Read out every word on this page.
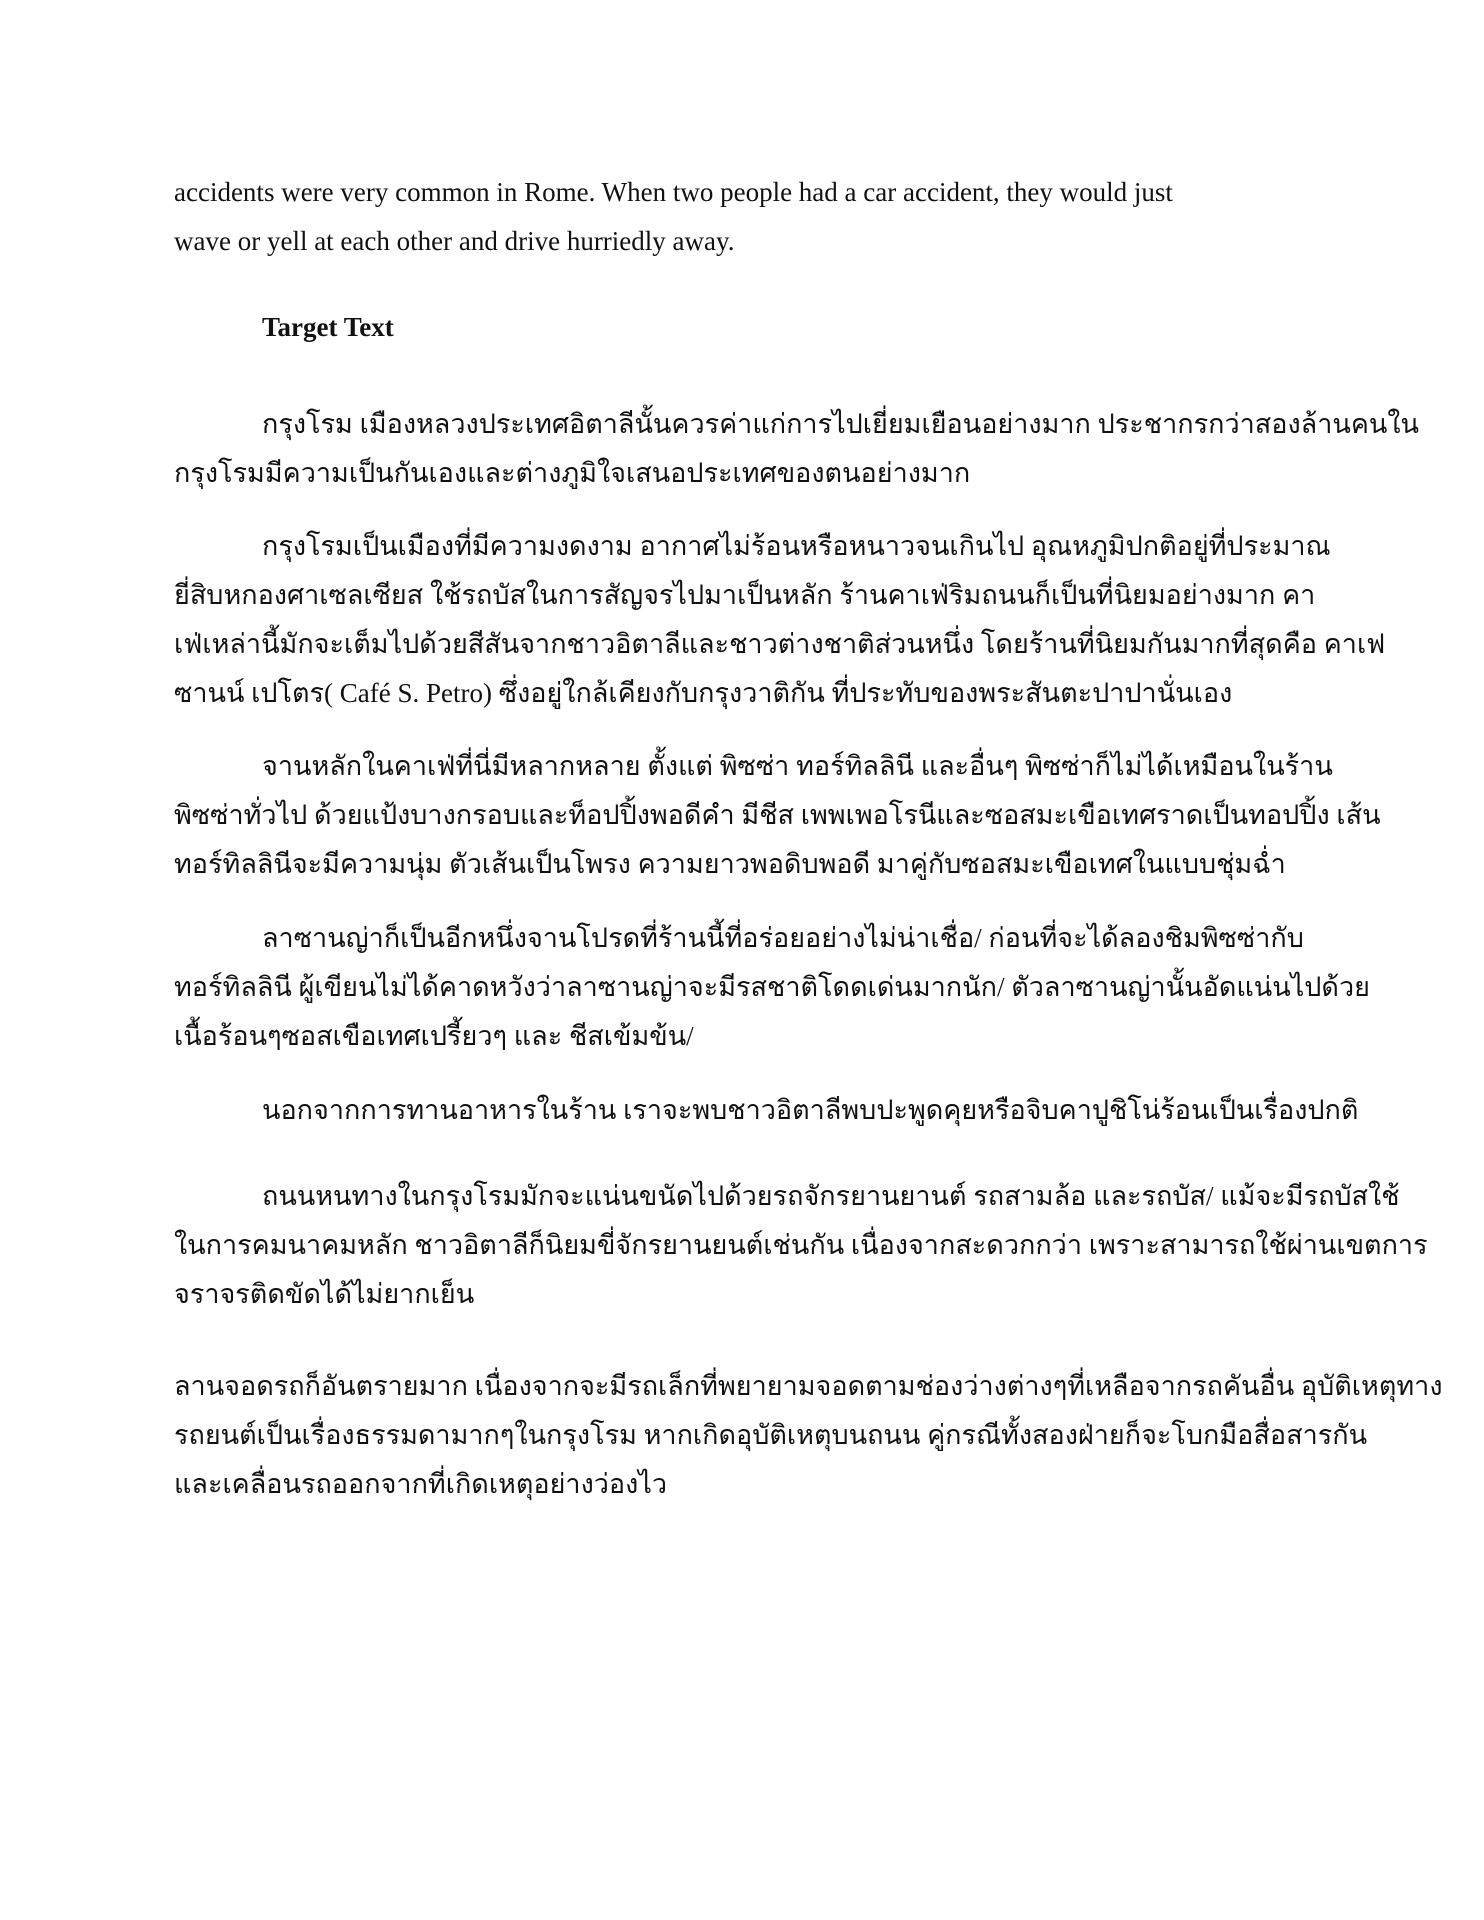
accidents were very common in Rome. When two people had a car accident, they would just
wave or yell at each other and drive hurriedly away.

Target Text

กรุงโรม เมืองหลวงประเทศอิตาลีนั้นควรค่าแก่การไปเยี่ยมเยือนอย่างมาก ประชากรกว่าสองล้านคนใน
กรุงโรมมีความเป็นกันเองและต่างภูมิใจเสนอประเทศของตนอย่างมาก

กรุงโรมเป็นเมืองที่มีความงดงาม อากาศไม่ร้อนหรือหนาวจนเกินไป อุณหภูมิปกติอยู่ที่ประมาณ
ยี่สิบหกองศาเซลเซียส ใช้รถบัสในการสัญจรไปมาเป็นหลัก ร้านคาเฟ่ริมถนนก็เป็นที่นิยมอย่างมาก คา
เฟ่เหล่านี้มักจะเต็มไปด้วยสีสันจากชาวอิตาลีและชาวต่างชาติส่วนหนึ่ง โดยร้านที่นิยมกันมากที่สุดคือ คาเฟ
ซานน์ เปโตร( Café S. Petro) ซึ่งอยู่ใกล้เคียงกับกรุงวาติกัน ที่ประทับของพระสันตะปาปานั่นเอง

จานหลักในคาเฟ่ที่นี่มีหลากหลาย ตั้งแต่ พิซซ่า ทอร์ทิลลินี และอื่นๆ พิซซ่าก็ไม่ได้เหมือนในร้าน
พิซซ่าทั่วไป ด้วยแป้งบางกรอบและท็อปปิ้งพอดีคำ มีชีส เพพเพอโรนีและซอสมะเขือเทศราดเป็นทอปปิ้ง เส้น
ทอร์ทิลลินีจะมีความนุ่ม ตัวเส้นเป็นโพรง ความยาวพอดิบพอดี มาคู่กับซอสมะเขือเทศในแบบชุ่มฉ่ำ

ลาซานญ่าก็เป็นอีกหนึ่งจานโปรดที่ร้านนี้ที่อร่อยอย่างไม่น่าเชื่อ/ ก่อนที่จะได้ลองชิมพิซซ่ากับ
ทอร์ทิลลินี ผู้เขียนไม่ได้คาดหวังว่าลาซานญ่าจะมีรสชาติโดดเด่นมากนัก/ ตัวลาซานญ่านั้นอัดแน่นไปด้วย
เนื้อร้อนๆซอสเขือเทศเปรี้ยวๆ และ ชีสเข้มข้น/

นอกจากการทานอาหารในร้าน เราจะพบชาวอิตาลีพบปะพูดคุยหรือจิบคาปูชิโน่ร้อนเป็นเรื่องปกติ

ถนนหนทางในกรุงโรมมักจะแน่นขนัดไปด้วยรถจักรยานยานต์ รถสามล้อ และรถบัส/ แม้จะมีรถบัสใช้
ในการคมนาคมหลัก ชาวอิตาลีก็นิยมขี่จักรยานยนต์เช่นกัน เนื่องจากสะดวกกว่า เพราะสามารถใช้ผ่านเขตการ
จราจรติดขัดได้ไม่ยากเย็น

ลานจอดรถก็อันตรายมาก เนื่องจากจะมีรถเล็กที่พยายามจอดตามช่องว่างต่างๆที่เหลือจากรถคันอื่น อุบัติเหตุทาง
รถยนต์เป็นเรื่องธรรมดามากๆในกรุงโรม หากเกิดอุบัติเหตุบนถนน คู่กรณีทั้งสองฝ่ายก็จะโบกมือสื่อสารกัน
และเคลื่อนรถออกจากที่เกิดเหตุอย่างว่องไว
